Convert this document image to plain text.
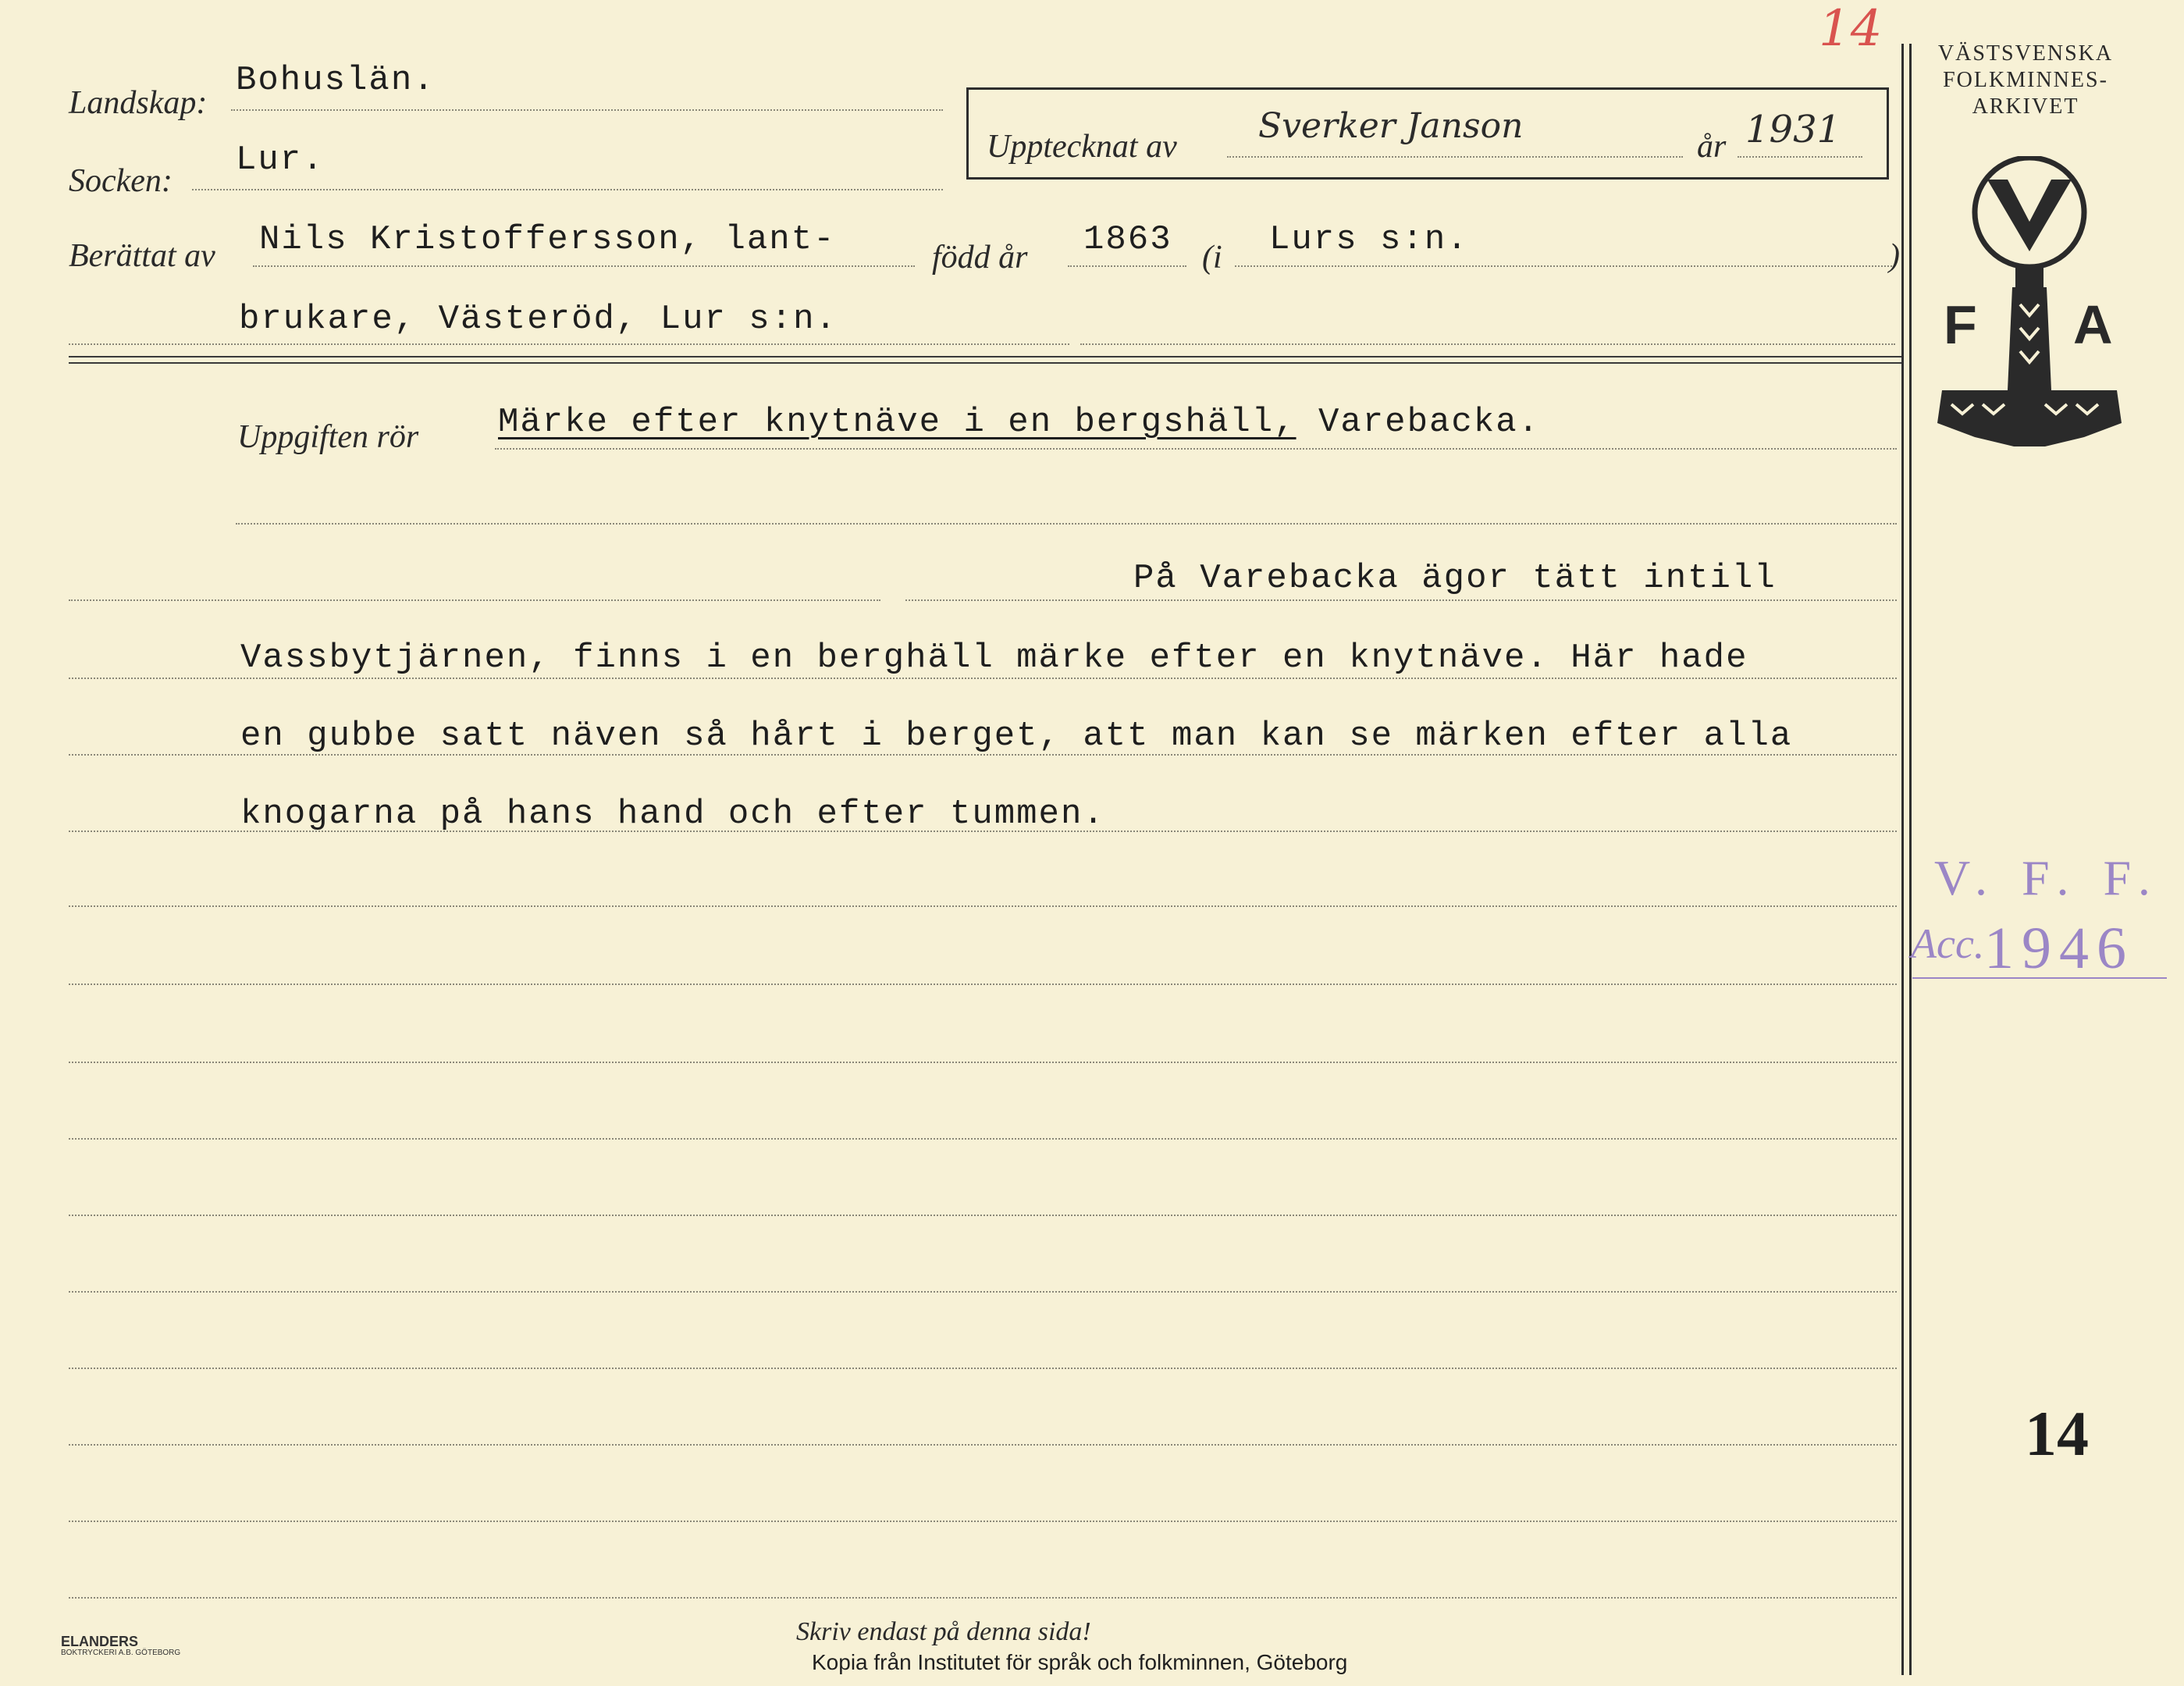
14
Landskap:
Bohuslän.
Socken:
Lur.	Upptecknat av
Sverker Janson
år 1931
Berättat av Nils Kristoffersson, lant-	född år 1863 (i Lurs s:n.	)
brukare, Västeröd, Lur s:n.
Uppgiften rör Märke efter knytnäve i en bergshäll, Varebacka.
På Varebacka ägor tätt intill
Vassbytjärnen, finns i en berghäll märke efter en knytnäve. Här hade
en gubbe satt näven så hårt i berget, att man kan se märken efter alla
knogarna på hans hand och efter tummen.
VÄSTSVENSKA
FOLKMINNES-
ARKIVET
F A
V. F. F.
Acc. 1946
14
ELANDERS
BOKTRYCKERI A.B. GÖTEBORG
Skriv endast på denna sida!
Kopia från Institutet för språk och folkminnen, Göteborg
